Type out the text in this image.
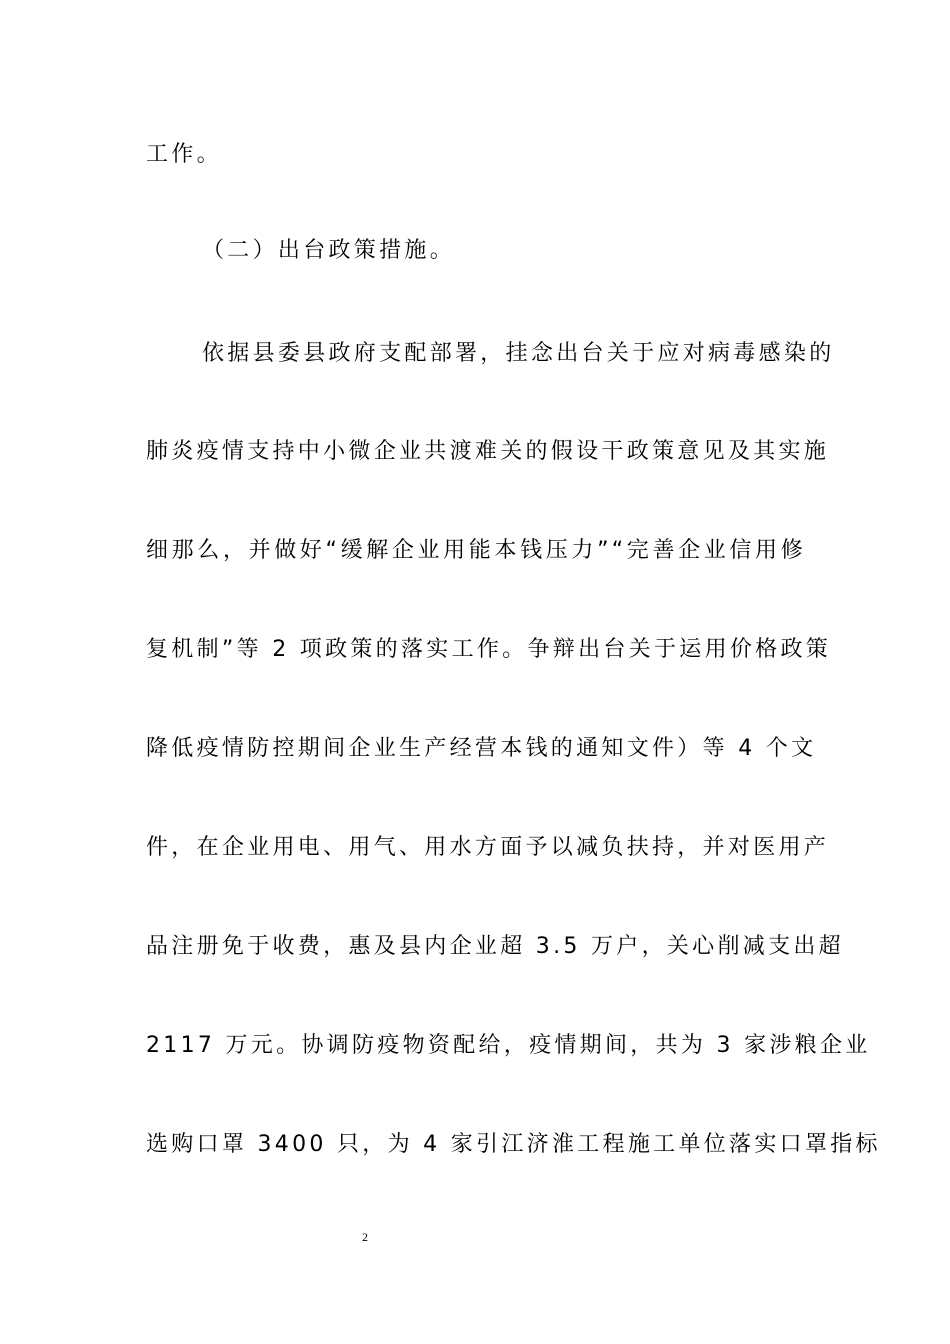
工作。
（二）出台政策措施。
依据县委县政府支配部署，挂念出台关于应对病毒感染的
肺炎疫情支持中小微企业共渡难关的假设干政策意见及其实施
细那么，并做好“缓解企业用能本钱压力”“完善企业信用修
复机制”等 2 项政策的落实工作。争辩出台关于运用价格政策
降低疫情防控期间企业生产经营本钱的通知文件）等 4 个文
件，在企业用电、用气、用水方面予以减负扶持，并对医用产
品注册免于收费，惠及县内企业超 3.5 万户，关心削减支出超
2117 万元。协调防疫物资配给，疫情期间，共为 3 家涉粮企业
选购口罩 3400 只，为 4 家引江济淮工程施工单位落实口罩指标
2
